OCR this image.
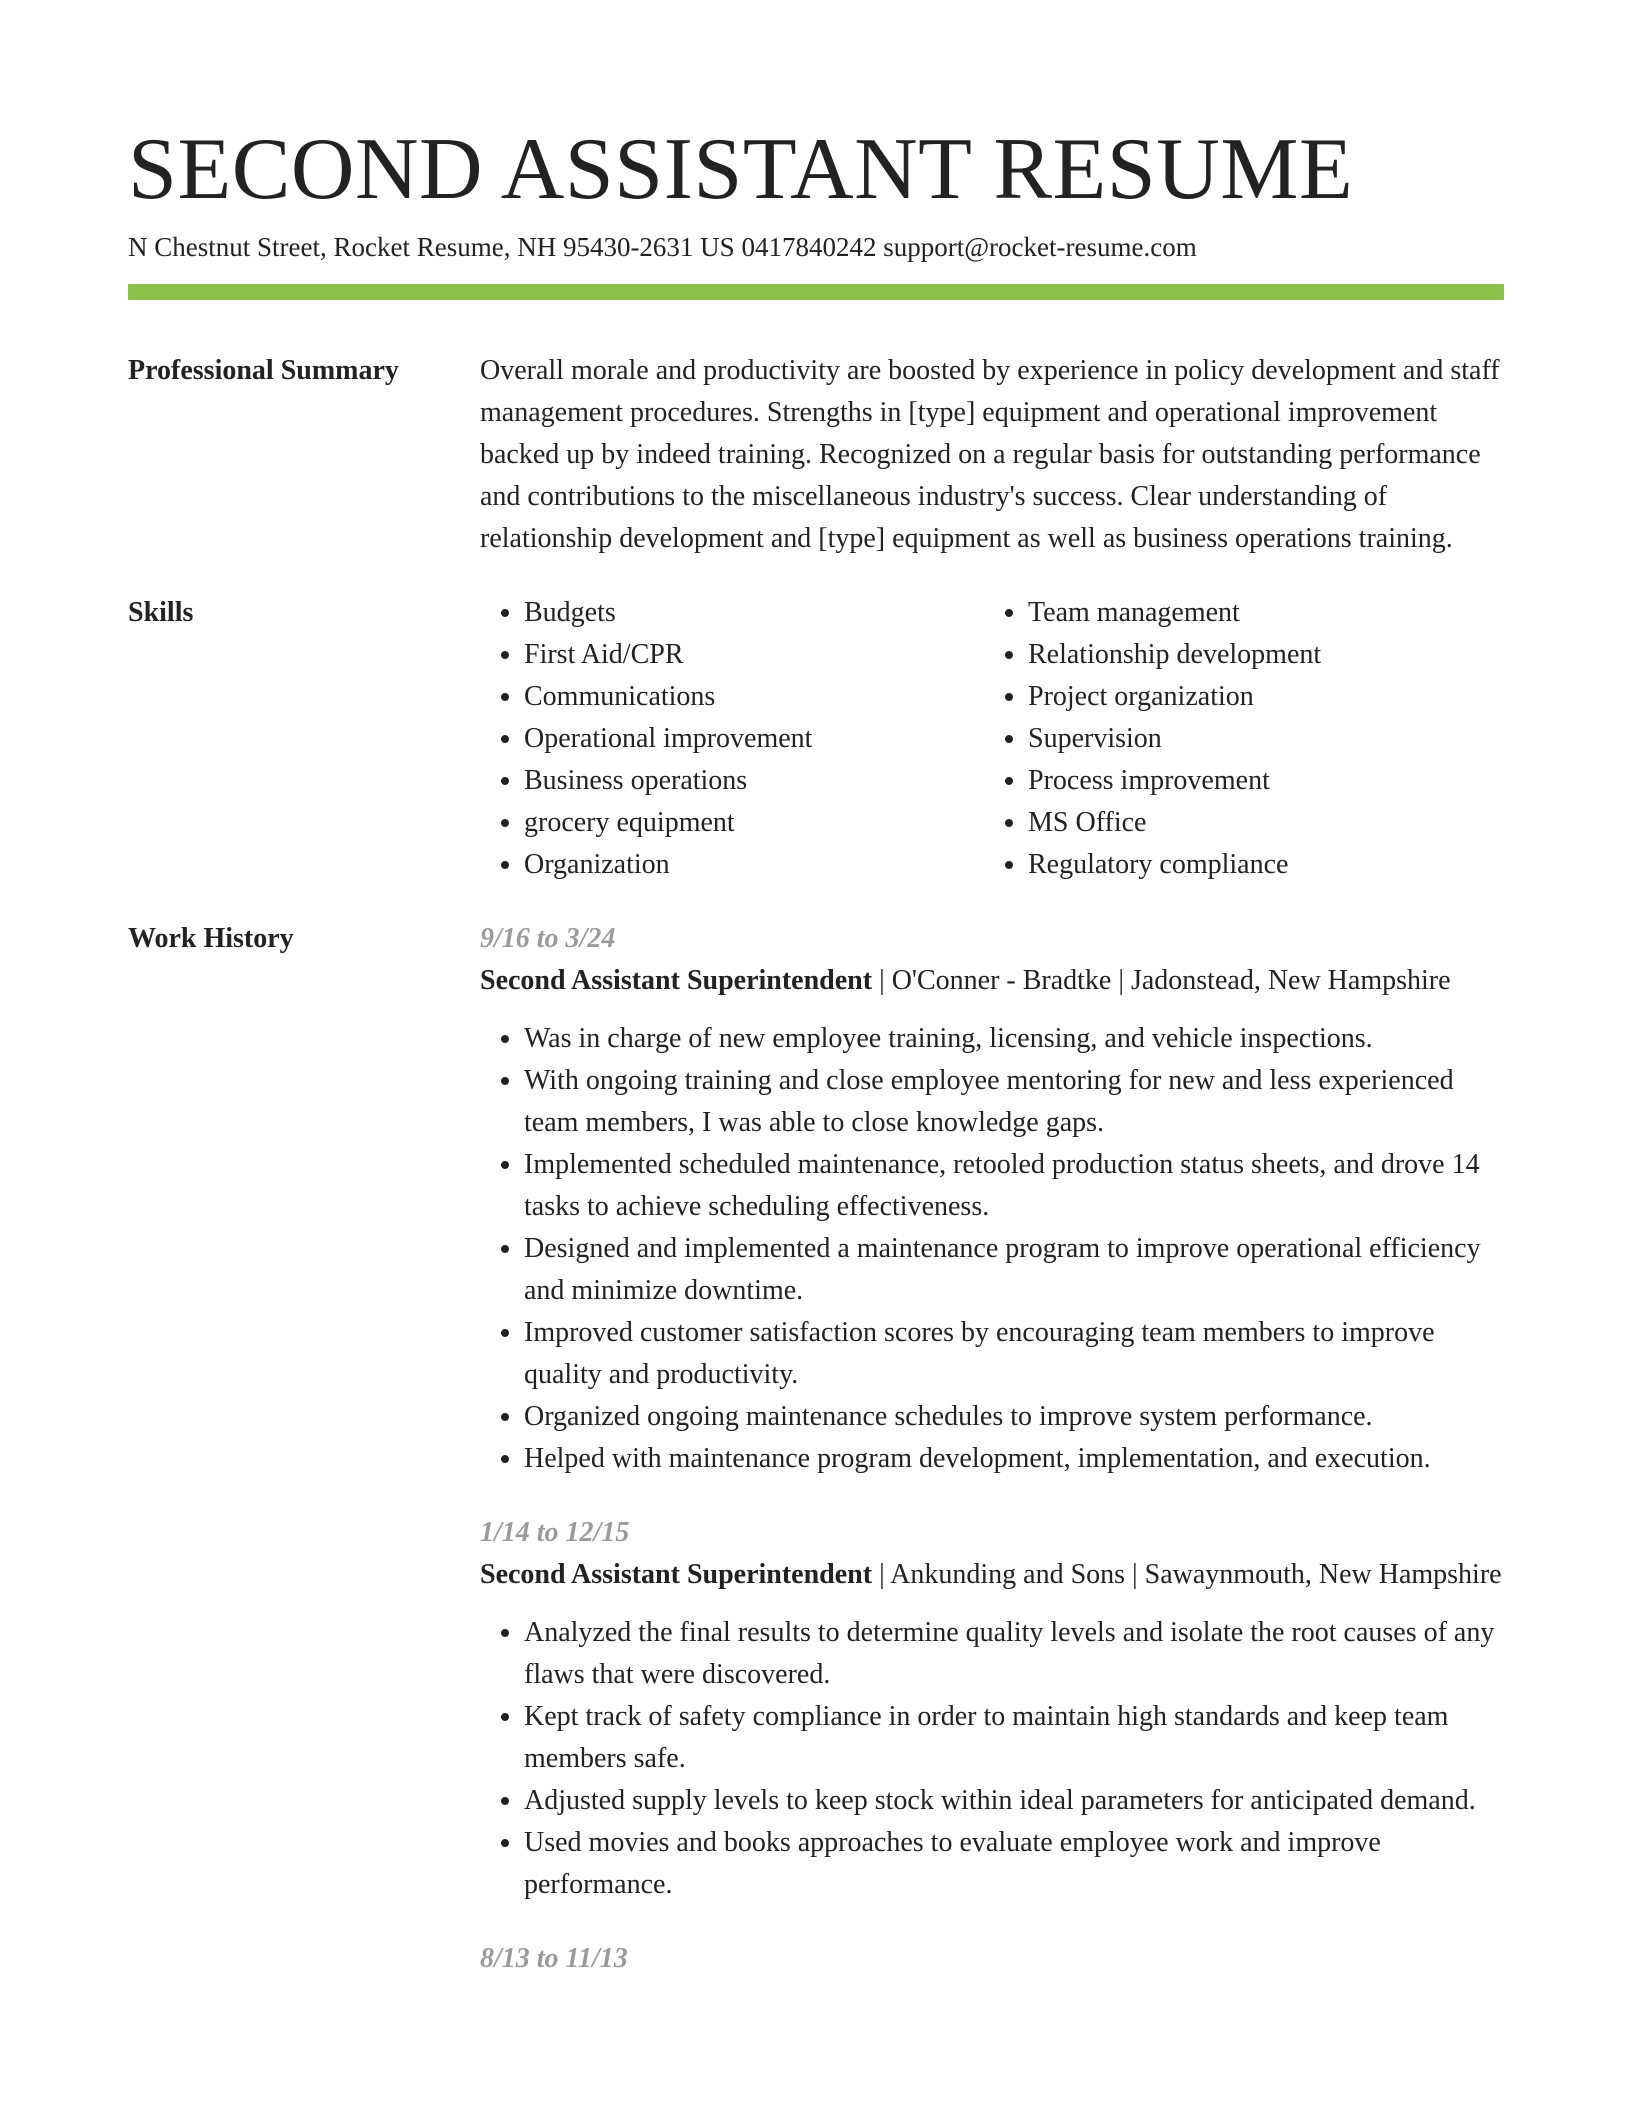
SECOND ASSISTANT RESUME
N Chestnut Street, Rocket Resume, NH 95430-2631 US 0417840242 support@rocket-resume.com
Professional Summary	Overall morale and productivity are boosted by experience in policy development and staff management procedures. Strengths in [type] equipment and operational improvement backed up by indeed training. Recognized on a regular basis for outstanding performance and contributions to the miscellaneous industry's success. Clear understanding of relationship development and [type] equipment as well as business operations training.
Skills
•	Budgets
• First Aid/CPR
• Communications
• Operational improvement
• Business operations
• grocery equipment
• Organization
• Team management
• Relationship development
• Project organization
• Supervision
• Process improvement
• MS Office
• Regulatory compliance
Work History	9/16 to 3/24
Second Assistant Superintendent | O'Conner - Bradtke | Jadonstead, New Hampshire
• Was in charge of new employee training, licensing, and vehicle inspections.
• With ongoing training and close employee mentoring for new and less experienced team members, I was able to close knowledge gaps.
• Implemented scheduled maintenance, retooled production status sheets, and drove 14 tasks to achieve scheduling effectiveness.
• Designed and implemented a maintenance program to improve operational efficiency and minimize downtime.
• Improved customer satisfaction scores by encouraging team members to improve quality and productivity.
• Organized ongoing maintenance schedules to improve system performance.
• Helped with maintenance program development, implementation, and execution.
1/14 to 12/15
Second Assistant Superintendent | Ankunding and Sons | Sawaynmouth, New Hampshire
• Analyzed the final results to determine quality levels and isolate the root causes of any flaws that were discovered.
• Kept track of safety compliance in order to maintain high standards and keep team members safe.
• Adjusted supply levels to keep stock within ideal parameters for anticipated demand.
• Used movies and books approaches to evaluate employee work and improve performance.
8/13 to 11/13
